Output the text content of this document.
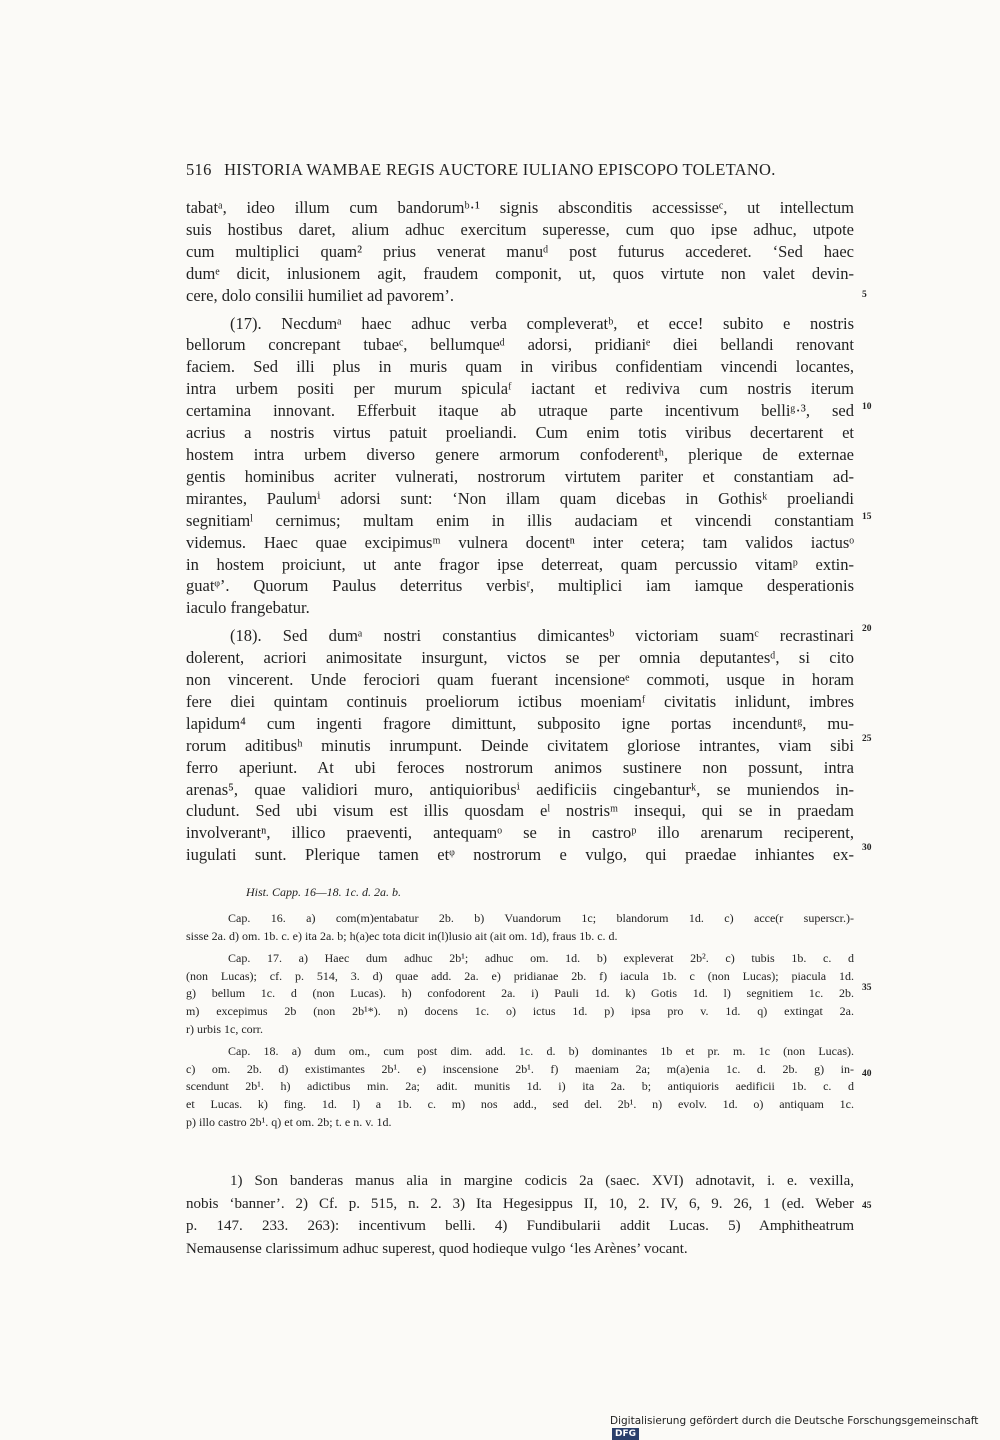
516 HISTORIA WAMBAE REGIS AUCTORE IULIANO EPISCOPO TOLETANO.
tabatᵃ, ideo illum cum bandorumᵇ·¹ signis absconditis accessisseᶜ, ut intellectum
suis hostibus daret, alium adhuc exercitum superesse, cum quo ipse adhuc, utpote
cum multiplici quam² prius venerat manuᵈ post futurus accederet. ‘Sed haec
dumᵉ dicit, inlusionem agit, fraudem componit, ut, quos virtute non valet devin-
cere, dolo consilii humiliet ad pavorem’.
(17). Necdumᵃ haec adhuc verba compleveratᵇ, et ecce! subito e nostris
bellorum concrepant tubaeᶜ, bellumqueᵈ adorsi, pridianiᵉ diei bellandi renovant
faciem. Sed illi plus in muris quam in viribus confidentiam vincendi locantes,
intra urbem positi per murum spiculaᶠ iactant et rediviva cum nostris iterum
certamina innovant. Efferbuit itaque ab utraque parte incentivum belliᵍ·³, sed
acrius a nostris virtus patuit proeliandi. Cum enim totis viribus decertarent et
hostem intra urbem diverso genere armorum confoderentʰ, plerique de externae
gentis hominibus acriter vulnerati, nostrorum virtutem pariter et constantiam ad-
mirantes, Paulumⁱ adorsi sunt: ‘Non illam quam dicebas in Gothisᵏ proeliandi
segnitiamˡ cernimus; multam enim in illis audaciam et vincendi constantiam
videmus. Haec quae excipimusᵐ vulnera docentⁿ inter cetera; tam validos iactusᵒ
in hostem proiciunt, ut ante fragor ipse deterreat, quam percussio vitamᵖ extin-
guatᵠ’. Quorum Paulus deterritus verbisʳ, multiplici iam iamque desperationis
iaculo frangebatur.
(18). Sed dumᵃ nostri constantius dimicantesᵇ victoriam suamᶜ recrastinari
dolerent, acriori animositate insurgunt, victos se per omnia deputantesᵈ, si cito
non vincerent. Unde ferociori quam fuerant incensioneᵉ commoti, usque in horam
fere diei quintam continuis proeliorum ictibus moeniamᶠ civitatis inlidunt, imbres
lapidum⁴ cum ingenti fragore dimittunt, subposito igne portas incenduntᵍ, mu-
rorum aditibusʰ minutis inrumpunt. Deinde civitatem gloriose intrantes, viam sibi
ferro aperiunt. At ubi feroces nostrorum animos sustinere non possunt, intra
arenas⁵, quae validiori muro, antiquioribusⁱ aedificiis cingebanturᵏ, se muniendos in-
cludunt. Sed ubi visum est illis quosdam eˡ nostrisᵐ insequi, qui se in praedam
involverantⁿ, illico praeventi, antequamᵒ se in castroᵖ illo arenarum reciperent,
iugulati sunt. Plerique tamen etᵠ nostrorum e vulgo, qui praedae inhiantes ex-
5
10
15
20
25
30
35
40
45
Hist. Capp. 16—18. 1c. d. 2a. b.
Cap. 16. a) com(m)entabatur 2b. b) Vuandorum 1c; blandorum 1d. c) acce(r superscr.)-
sisse 2a. d) om. 1b. c. e) ita 2a. b; h(a)ec tota dicit in(l)lusio ait (ait om. 1d), fraus 1b. c. d.
Cap. 17. a) Haec dum adhuc 2b¹; adhuc om. 1d. b) expleverat 2b². c) tubis 1b. c. d
(non Lucas); cf. p. 514, 3. d) quae add. 2a. e) pridianae 2b. f) iacula 1b. c (non Lucas); piacula 1d.
g) bellum 1c. d (non Lucas). h) confodorent 2a. i) Pauli 1d. k) Gotis 1d. l) segnitiem 1c. 2b.
m) excepimus 2b (non 2b¹*). n) docens 1c. o) ictus 1d. p) ipsa pro v. 1d. q) extingat 2a.
r) urbis 1c, corr.
Cap. 18. a) dum om., cum post dim. add. 1c. d. b) dominantes 1b et pr. m. 1c (non Lucas).
c) om. 2b. d) existimantes 2b¹. e) inscensione 2b¹. f) maeniam 2a; m(a)enia 1c. d. 2b. g) in-
scendunt 2b¹. h) adictibus min. 2a; adit. munitis 1d. i) ita 2a. b; antiquioris aedificii 1b. c. d
et Lucas. k) fing. 1d. l) a 1b. c. m) nos add., sed del. 2b¹. n) evolv. 1d. o) antiquam 1c.
p) illo castro 2b¹. q) et om. 2b; t. e n. v. 1d.
1) Son banderas manus alia in margine codicis 2a (saec. XVI) adnotavit, i. e. vexilla,
nobis ‘banner’. 2) Cf. p. 515, n. 2. 3) Ita Hegesippus II, 10, 2. IV, 6, 9. 26, 1 (ed. Weber
p. 147. 233. 263): incentivum belli. 4) Fundibularii addit Lucas. 5) Amphitheatrum
Nemausense clarissimum adhuc superest, quod hodieque vulgo ‘les Arènes’ vocant.
Digitalisierung gefördert durch die Deutsche Forschungsgemeinschaft DFG
